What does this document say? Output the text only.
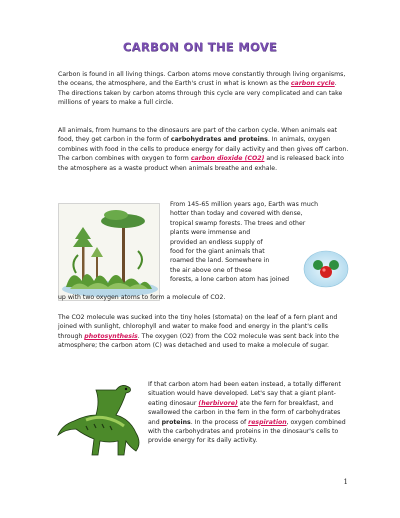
CARBON ON THE MOVE

Carbon is found in all living things. Carbon atoms move constantly through living organisms, the oceans, the atmosphere, and the Earth's crust in what is known as the carbon cycle. The directions taken by carbon atoms through this cycle are very complicated and can take millions of years to make a full circle.

All animals, from humans to the dinosaurs are part of the carbon cycle. When animals eat food, they get carbon in the form of carbohydrates and proteins. In animals, oxygen combines with food in the cells to produce energy for daily activity and then gives off carbon. The carbon combines with oxygen to form carbon dioxide (CO2) and is released back into the atmosphere as a waste product when animals breathe and exhale.

From 145-65 million years ago, Earth was much
hotter than today and covered with dense,
tropical swamp forests. The trees and other
plants were immense and
provided an endless supply of
food for the giant animals that
roamed the land. Somewhere in
the air above one of these
forests, a lone carbon atom has joined
up with two oxygen atoms to form a molecule of CO2.

The CO2 molecule was sucked into the tiny holes (stomata) on the leaf of a fern plant and joined with sunlight, chlorophyll and water to make food and energy in the plant's cells through photosynthesis. The oxygen (O2) from the CO2 molecule was sent back into the atmosphere; the carbon atom (C) was detached and used to make a molecule of sugar.

If that carbon atom had been eaten instead, a totally different situation would have developed. Let's say that a giant plant-eating dinosaur (herbivore) ate the fern for breakfast, and swallowed the carbon in the fern in the form of carbohydrates and proteins. In the process of respiration, oxygen combined with the carbohydrates and proteins in the dinosaur's cells to provide energy for its daily activity.

1
